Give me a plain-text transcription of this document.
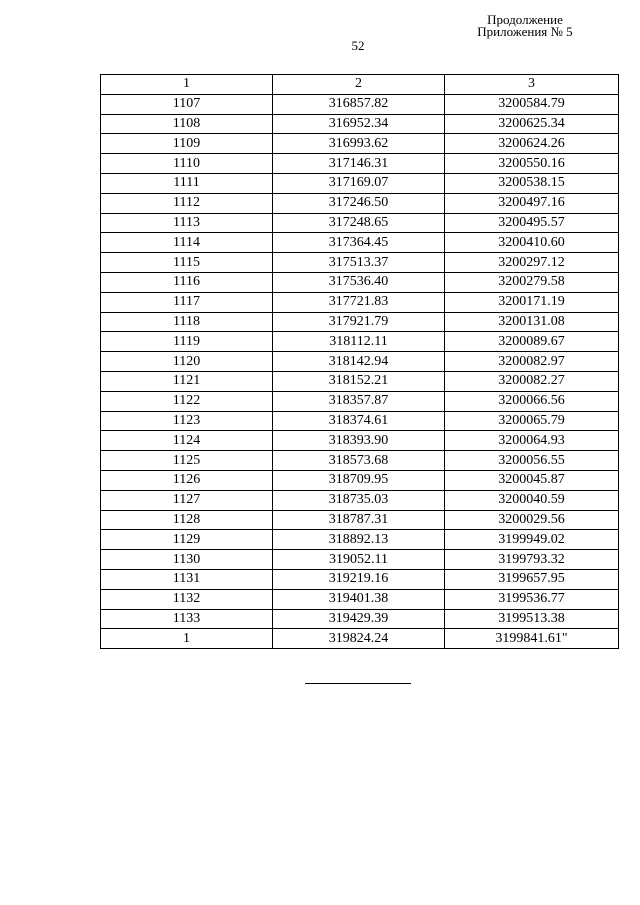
Продолжение
Приложения № 5
52
1	2	3
1107	316857.82	3200584.79
1108	316952.34	3200625.34
1109	316993.62	3200624.26
1110	317146.31	3200550.16
1111	317169.07	3200538.15
1112	317246.50	3200497.16
1113	317248.65	3200495.57
1114	317364.45	3200410.60
1115	317513.37	3200297.12
1116	317536.40	3200279.58
1117	317721.83	3200171.19
1118	317921.79	3200131.08
1119	318112.11	3200089.67
1120	318142.94	3200082.97
1121	318152.21	3200082.27
1122	318357.87	3200066.56
1123	318374.61	3200065.79
1124	318393.90	3200064.93
1125	318573.68	3200056.55
1126	318709.95	3200045.87
1127	318735.03	3200040.59
1128	318787.31	3200029.56
1129	318892.13	3199949.02
1130	319052.11	3199793.32
1131	319219.16	3199657.95
1132	319401.38	3199536.77
1133	319429.39	3199513.38
1	319824.24	3199841.61"
